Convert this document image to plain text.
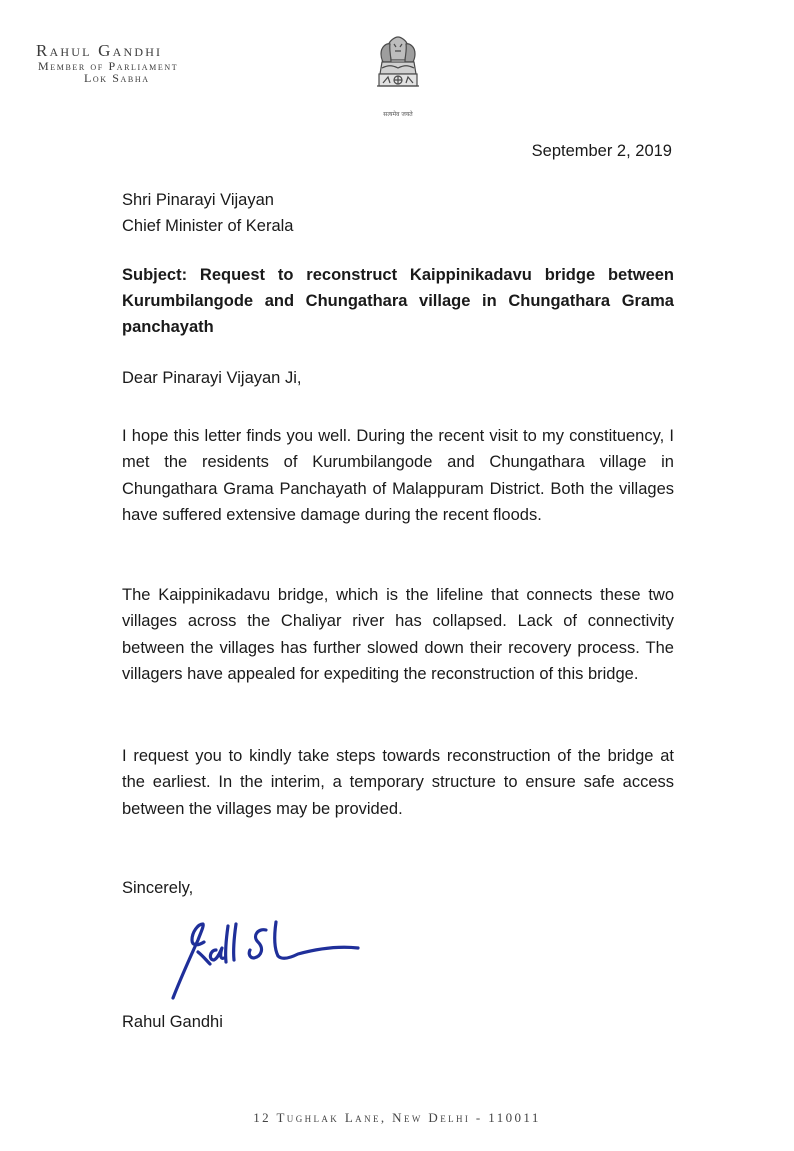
Rahul Gandhi
Member of Parliament
Lok Sabha
सत्यमेव जयते
September 2, 2019
Shri Pinarayi Vijayan
Chief Minister of Kerala
Subject: Request to reconstruct Kaippinikadavu bridge between Kurumbilangode and Chungathara village in Chungathara Grama panchayath
Dear Pinarayi Vijayan Ji,

I hope this letter finds you well. During the recent visit to my constituency, I met the residents of Kurumbilangode and Chungathara village in Chungathara Grama Panchayath of Malappuram District. Both the villages have suffered extensive damage during the recent floods.

The Kaippinikadavu bridge, which is the lifeline that connects these two villages across the Chaliyar river has collapsed. Lack of connectivity between the villages has further slowed down their recovery process. The villagers have appealed for expediting the reconstruction of this bridge.

I request you to kindly take steps towards reconstruction of the bridge at the earliest. In the interim, a temporary structure to ensure safe access between the villages may be provided.

Sincerely,
Rahul Gandhi
12 Tughlak Lane, New Delhi - 110011
